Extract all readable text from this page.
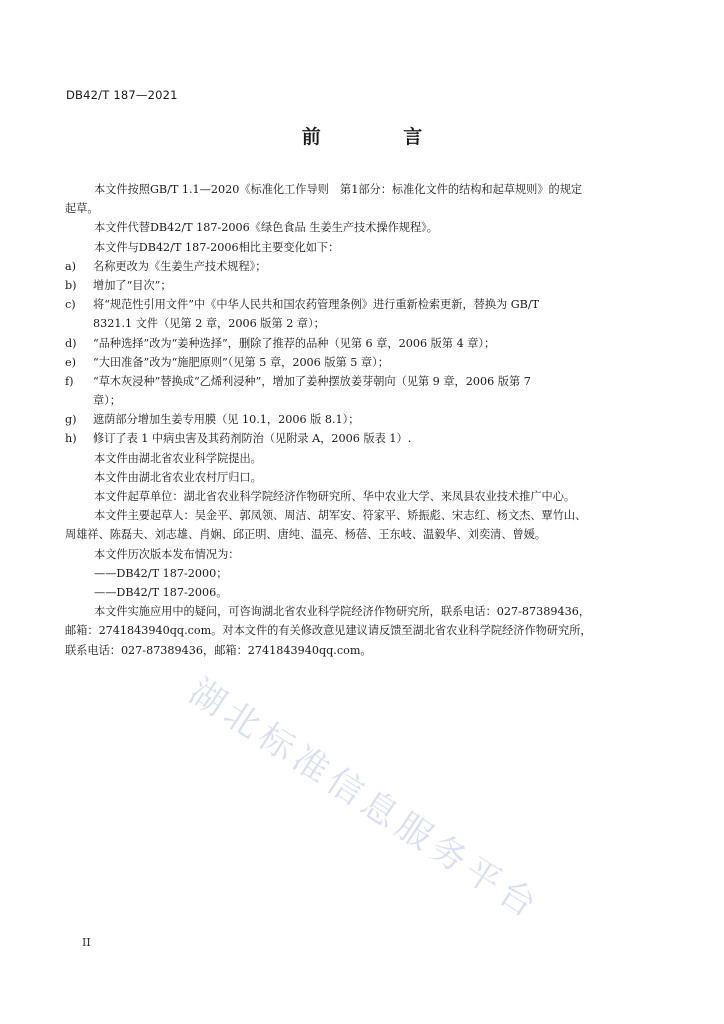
DB42/T 187—2021
前 言
本文件按照GB/T 1.1—2020《标准化工作导则　第1部分：标准化文件的结构和起草规则》的规定
起草。
本文件代替DB42/T 187-2006《绿色食品 生姜生产技术操作规程》。
本文件与DB42/T 187-2006相比主要变化如下：
a) 名称更改为《生姜生产技术规程》；
b) 增加了“目次”；
c) 将“规范性引用文件”中《中华人民共和国农药管理条例》进行重新检索更新，替换为 GB/T
8321.1 文件（见第 2 章，2006 版第 2 章）；
d) “品种选择”改为“姜种选择”，删除了推荐的品种（见第 6 章，2006 版第 4 章）；
e) “大田准备”改为“施肥原则”（见第 5 章，2006 版第 5 章）；
f) “草木灰浸种”替换成“乙烯利浸种”，增加了姜种摆放姜芽朝向（见第 9 章，2006 版第 7
章）；
g) 遮荫部分增加生姜专用膜（见 10.1，2006 版 8.1）；
h) 修订了表 1 中病虫害及其药剂防治（见附录 A，2006 版表 1）.
本文件由湖北省农业科学院提出。
本文件由湖北省农业农村厅归口。
本文件起草单位：湖北省农业科学院经济作物研究所、华中农业大学、来凤县农业技术推广中心。
本文件主要起草人：吴金平、郭凤领、周洁、胡军安、符家平、矫振彪、宋志红、杨文杰、覃竹山、
周雄祥、陈磊夫、刘志雄、肖娴、邱正明、唐纯、温亮、杨蓓、王东岐、温毅华、刘奕清、曾媛。
本文件历次版本发布情况为：
——DB42/T 187-2000；
——DB42/T 187-2006。
本文件实施应用中的疑问，可咨询湖北省农业科学院经济作物研究所，联系电话：027-87389436，
邮箱：2741843940qq.com。对本文件的有关修改意见建议请反馈至湖北省农业科学院经济作物研究所，
联系电话：027-87389436，邮箱：2741843940qq.com。
湖北标准信息服务平台
II
